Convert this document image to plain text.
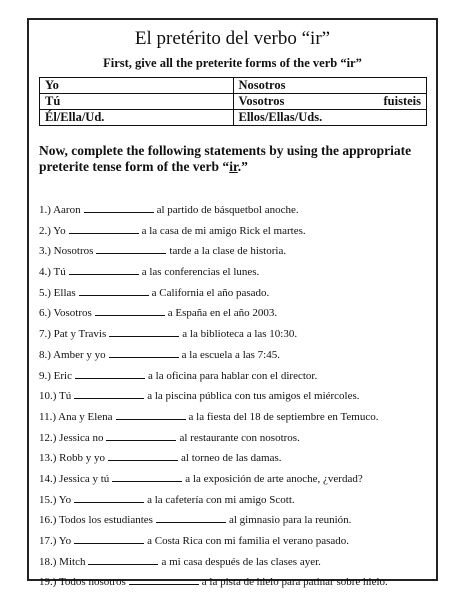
El pretérito del verbo “ir”
First, give all the preterite forms of the verb “ir”
Yo	Nosotros
Tú	Vosotros fuisteis

Él/Ella/Ud.	Ellos/Ellas/Uds.
Now, complete the following statements by using the appropriate preterite tense form of the verb “ir.”
1.) Aaron	al partido de básquetbol anoche.
2.) Yo	a la casa de mi amigo Rick el martes.
3.) Nosotros	tarde a la clase de historia.
4.) Tú	a las conferencias el lunes.
5.) Ellas	a California el año pasado.
6.) Vosotros	a España en el año 2003.
7.) Pat y Travis	a la biblioteca a las 10:30.
8.) Amber y yo	a la escuela a las 7:45.
9.) Eric	a la oficina para hablar con el director.
10.) Tú	a la piscina pública con tus amigos el miércoles.
11.) Ana y Elena	a la fiesta del 18 de septiembre en Temuco.
12.) Jessica no	al restaurante con nosotros.
13.) Robb y yo	al torneo de las damas.
14.) Jessica y tú	a la exposición de arte anoche, ¿verdad?
15.) Yo	a la cafetería con mi amigo Scott.
16.) Todos los estudiantes	al gimnasio para la reunión.
17.) Yo	a Costa Rica con mi familia el verano pasado.
18.) Mitch	a mi casa después de las clases ayer.
19.) Todos nosotros	a la pista de hielo para patinar sobre hielo.
